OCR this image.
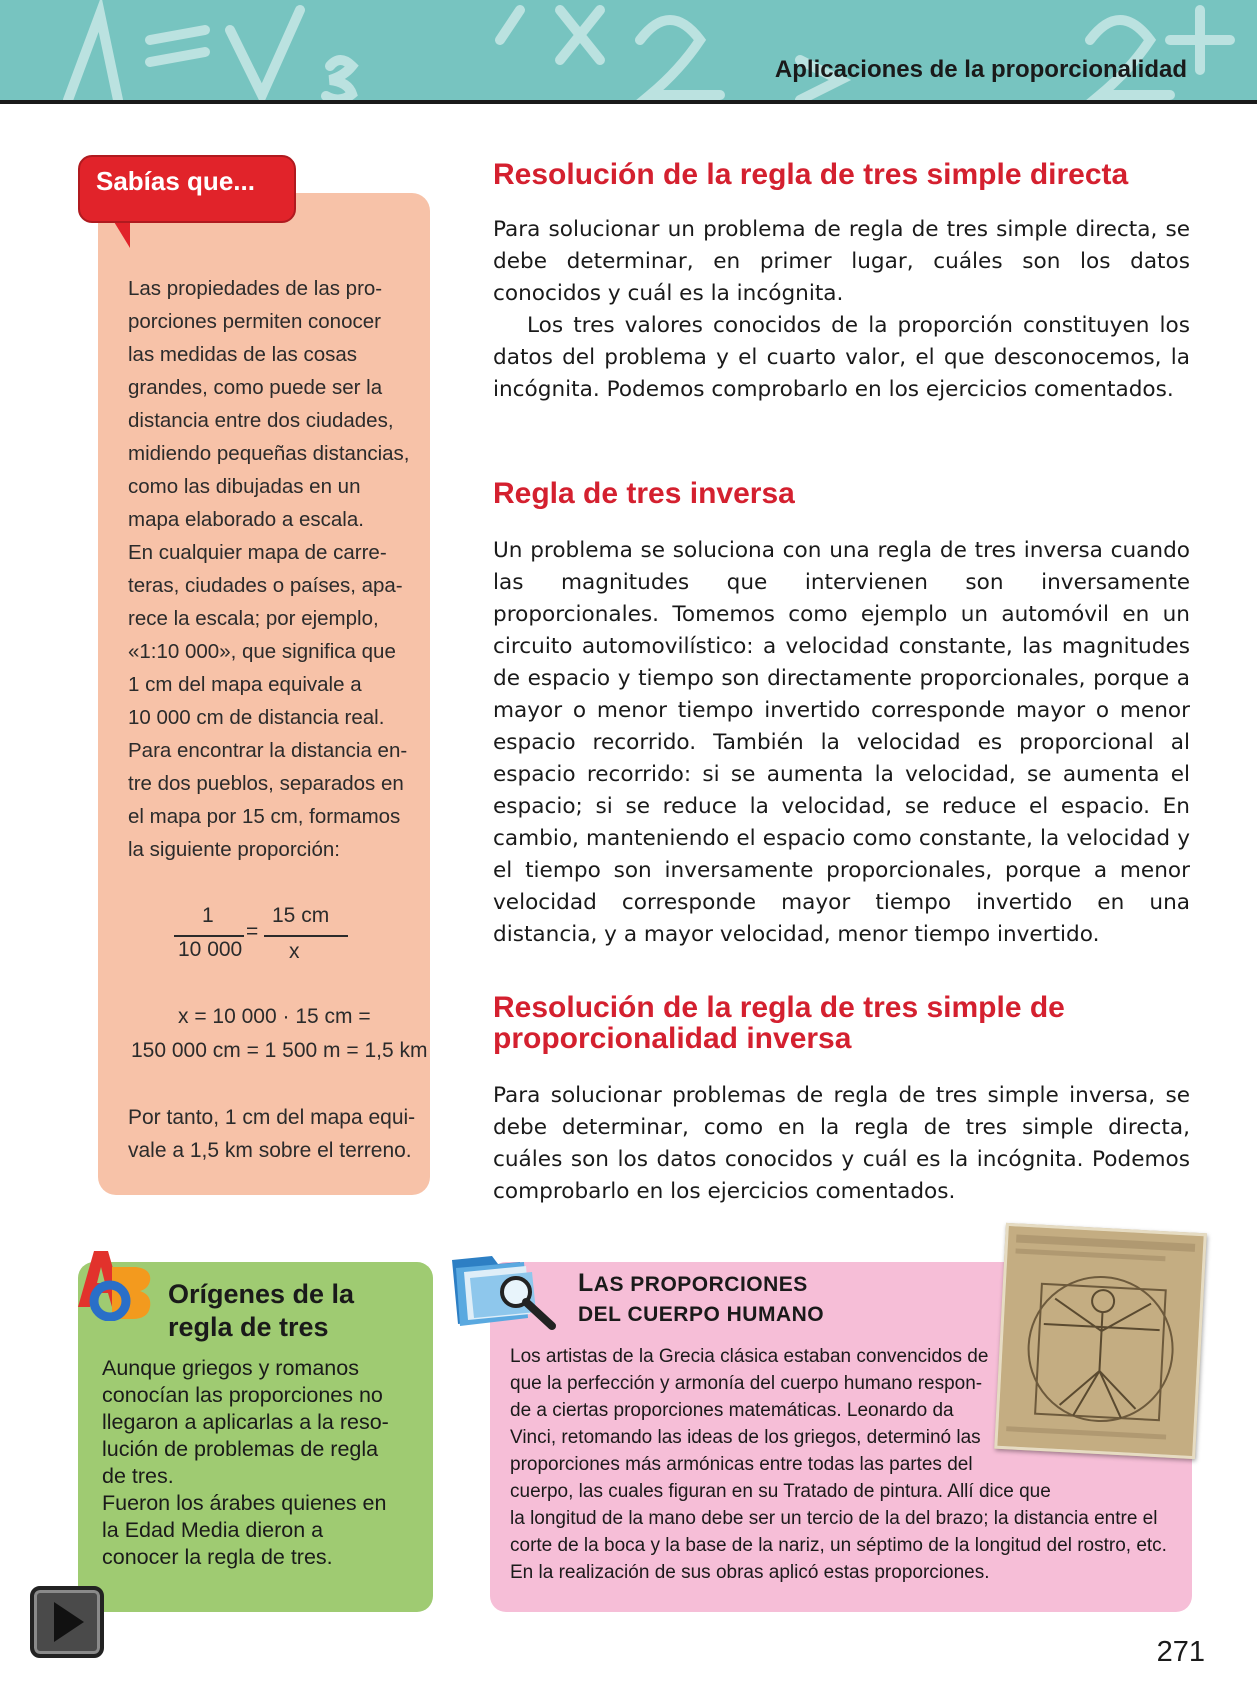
Aplicaciones de la proporcionalidad
Sabías que...

Las propiedades de las pro-

porciones permiten conocer

las medidas de las cosas

grandes, como puede ser la

distancia entre dos ciudades,

midiendo pequeñas distancias,

como las dibujadas en un

mapa elaborado a escala.

En cualquier mapa de carre-

teras, ciudades o países, apa-

rece la escala; por ejemplo,

«1:10 000», que significa que

1 cm del mapa equivale a

10 000 cm de distancia real.

Para encontrar la distancia en-

tre dos pueblos, separados en

el mapa por 15 cm, formamos

la siguiente proporción:

1
10 000
=
15 cm
x
x = 10 000 · 15 cm =
150 000 cm = 1 500 m = 1,5 km
Por tanto, 1 cm del mapa equi-
vale a 1,5 km sobre el terreno.
Resolución de la regla de tres simple directa

Para solucionar un problema de regla de tres simple directa, se debe determinar, en primer lugar, cuáles son los datos conocidos y cuál es la incógnita.

Los tres valores conocidos de la proporción constituyen los datos del problema y el cuarto valor, el que desconocemos, la incógnita. Podemos comprobarlo en los ejercicios comentados.

Regla de tres inversa

Un problema se soluciona con una regla de tres inversa cuando las magnitudes que intervienen son inversamente proporcionales. Tomemos como ejemplo un automóvil en un circuito automovilístico: a velocidad constante, las magnitudes de espacio y tiempo son directamente proporcionales, porque a mayor o menor tiempo invertido corresponde mayor o menor espacio recorrido. También la velocidad es proporcional al espacio recorrido: si se aumenta la velocidad, se aumenta el espacio; si se reduce la velocidad, se reduce el espacio. En cambio, manteniendo el espacio como constante, la velocidad y el tiempo son inversamente proporcionales, porque a menor velocidad corresponde mayor tiempo invertido en una distancia, y a mayor velocidad, menor tiempo invertido.

Resolución de la regla de tres simple de
proporcionalidad inversa

Para solucionar problemas de regla de tres simple inversa, se debe determinar, como en la regla de tres simple directa, cuáles son los datos conocidos y cuál es la incógnita. Podemos comprobarlo en los ejercicios comentados.

Orígenes de la
regla de tres

Aunque griegos y romanos

conocían las proporciones no

llegaron a aplicarlas a la reso-

lución de problemas de regla

de tres.

Fueron los árabes quienes en

la Edad Media dieron a

conocer la regla de tres.

LAS PROPORCIONES
DEL CUERPO HUMANO

Los artistas de la Grecia clásica estaban convencidos de

que la perfección y armonía del cuerpo humano respon-

de a ciertas proporciones matemáticas. Leonardo da

Vinci, retomando las ideas de los griegos, determinó las

proporciones más armónicas entre todas las partes del

cuerpo, las cuales figuran en su Tratado de pintura. Allí dice que

la longitud de la mano debe ser un tercio de la del brazo; la distancia entre el

corte de la boca y la base de la nariz, un séptimo de la longitud del rostro, etc.

En la realización de sus obras aplicó estas proporciones.

271
